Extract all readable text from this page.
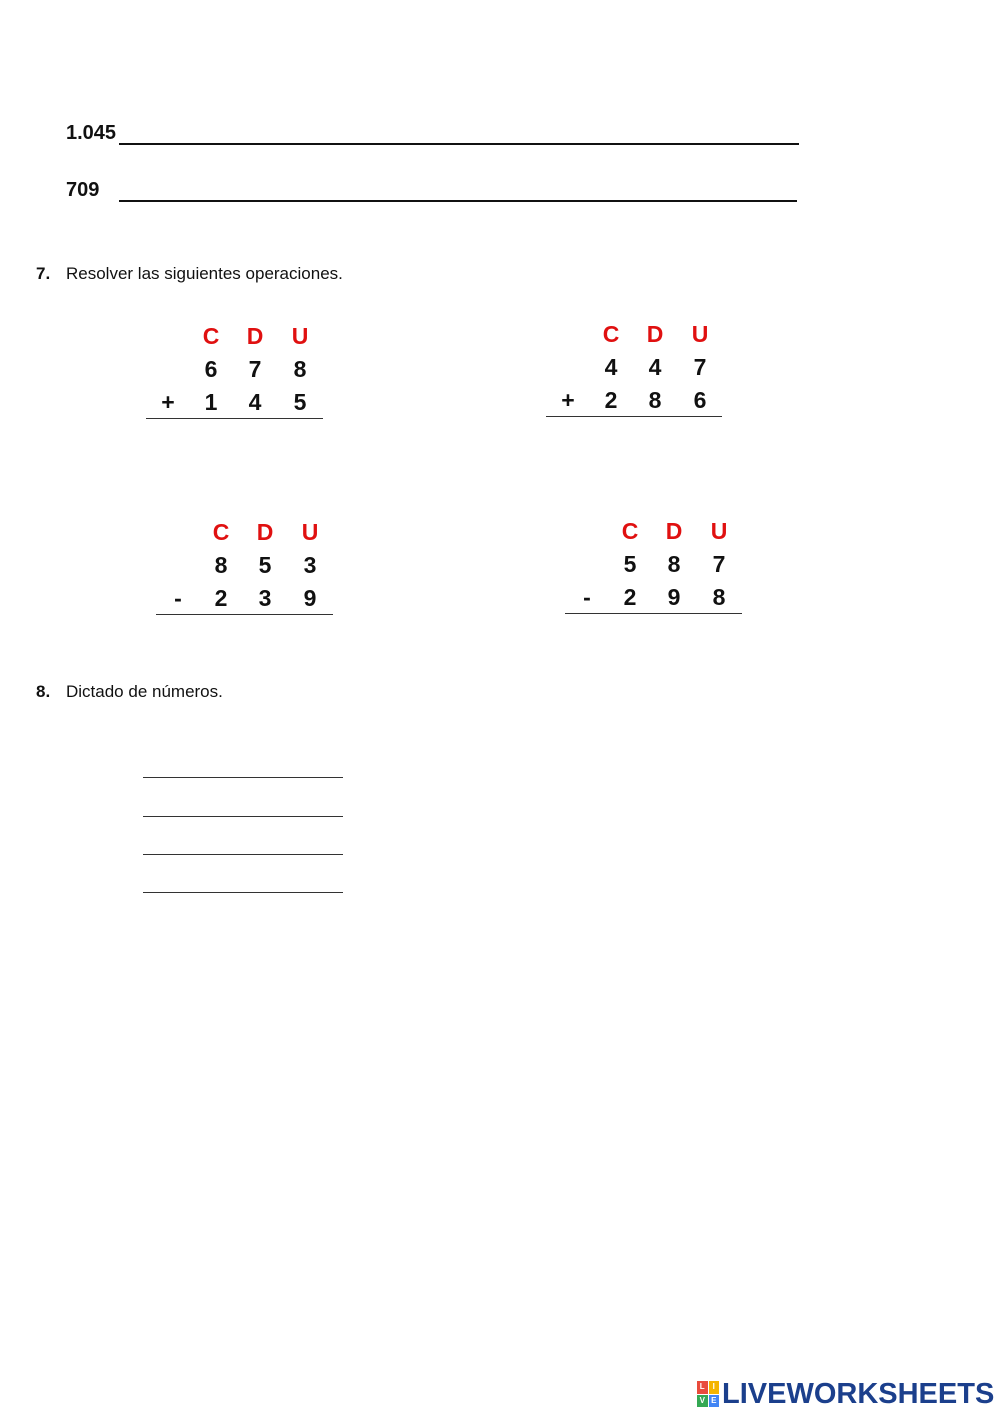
1.045
709
7. Resolver las siguientes operaciones.
C D U
6	7	8
1	4	5
+
C D U
4	4	7
2	8	6
+
C D U
8	5	3
2	3	9
-
C D U
5	8	7
2	9	8
-
8. Dictado de números.
L I
V E LIVEWORKSHEETS
